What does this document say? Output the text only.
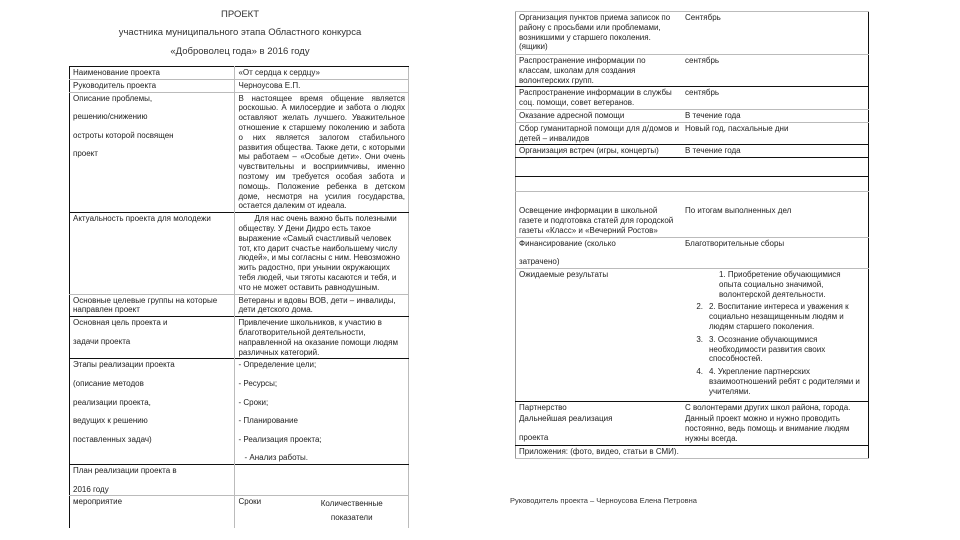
ПРОЕКТ
участника муниципального этапа Областного конкурса
«Доброволец года» в 2016 году
Наименование проекта	«От сердца к сердцу»
Руководитель проекта	Черноусова Е.П.

Описание проблемы,

решению/снижению

остроты которой посвящен

проект

	В настоящее время общение является роскошью. А милосердие и забота о людях оставляют желать лучшего. Уважительное отношение к старшему поколению и забота о них является залогом стабильного развития общества. Также дети, с которыми мы работаем – «Особые дети». Они очень чувствительны и восприимчивы, именно поэтому им требуется особая забота и помощь. Положение ребенка в детском доме, несмотря на усилия государства, остается далеким от идеала.
Актуальность проекта для молодежи	Для нас очень важно быть полезными обществу. У Дени Дидро есть такое выражение «Самый счастливый человек тот, кто дарит счастье наибольшему числу людей», и мы согласны с ним. Невозможно жить радостно, при унынии окружающих тебя людей, чьи тяготы касаются и тебя, и что не может оставить равнодушным.
Основные целевые группы на которые направлен проект	Ветераны и вдовы ВОВ, дети – инвалиды, дети детского дома.

Основная цель проекта и

задачи проекта	Привлечение школьников, к участию в благотворительной деятельности, направленной на оказание помощи людям различных категорий.

Этапы реализации проекта

(описание методов

реализации проекта,

ведущих к решению

поставленных задач)

- Определение цели;

- Ресурсы;

- Сроки;

- Планирование

- Реализация проекта;

- Анализ работы.

План реализации проекта в

2016 году	

мероприятие	Сроки Количественные
показатели
Организация пунктов приема записок по району с просьбами или проблемами, возникшими у старшего поколения. (ящики)	Сентябрь
Распространение информации по классам, школам для создания волонтерских групп.	сентябрь
Распространение информации в службы соц. помощи, совет ветеранов.	сентябрь
Оказание адресной помощи	В течение года
Сбор гуманитарной помощи для д/домов и детей – инвалидов	Новый год, пасхальные дни
Организация встреч (игры, концерты)	В течение года

Освещение информации в школьной газете и подготовка статей для городской газеты «Класс» и «Вечерний Ростов»	По итогам выполненных дел

Финансирование (сколько

затрачено)	Благотворительные сборы
Ожидаемые результаты	1. Приобретение обучающимися опыта социально значимой, волонтерской деятельности.
2. 2. Воспитание интереса и уважения к социально незащищенным людям и людям старшего поколения.
3. 3. Осознание обучающимися необходимости развития своих способностей.
4. 4. Укрепление партнерских взаимоотношений ребят с родителями и учителями.

Партнерство	С волонтерами других школ района, города.

Дальнейшая реализация

проекта	Данный проект можно и нужно проводить постоянно, ведь помощь и внимание людям нужны всегда.
Приложения: (фото, видео, статьи в СМИ).	
Руководитель проекта – Черноусова Елена Петровна
